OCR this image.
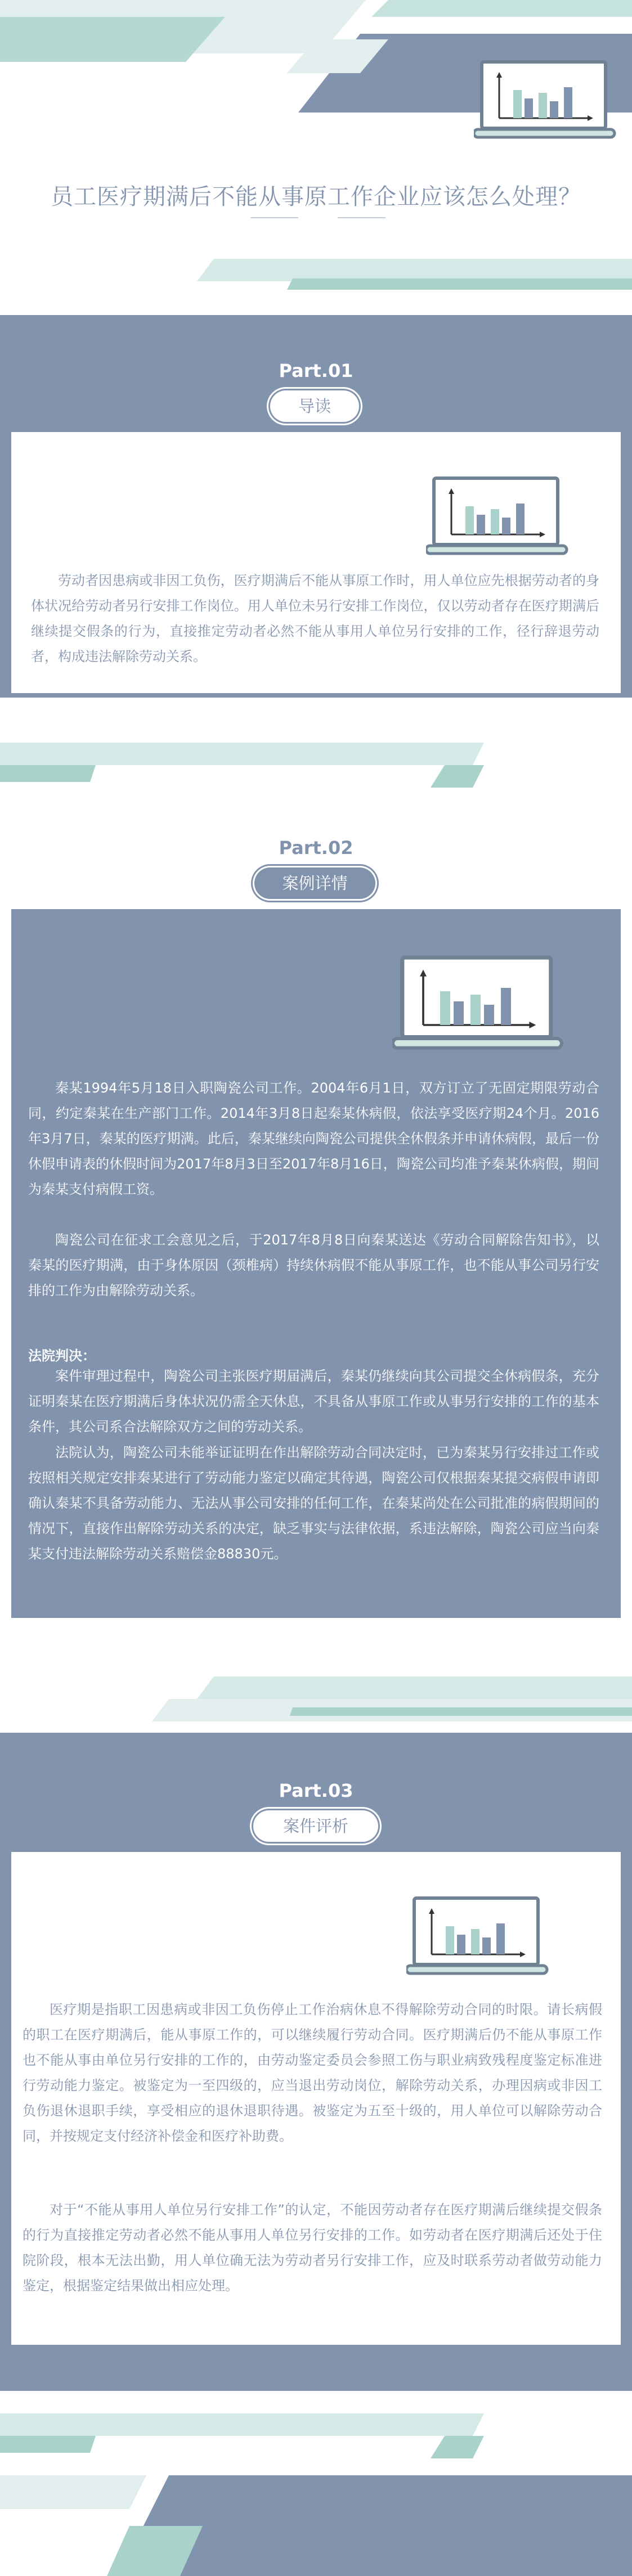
员工医疗期满后不能从事原工作企业应该怎么处理？
Part.01
导读

劳动者因患病或非因工负伤，医疗期满后不能从事原工作时，用人单位应先根据劳动者的身体状况给劳动者另行安排工作岗位。用人单位未另行安排工作岗位，仅以劳动者存在医疗期满后继续提交假条的行为，直接推定劳动者必然不能从事用人单位另行安排的工作，径行辞退劳动者，构成违法解除劳动关系。

Part.02
案例详情

秦某1994年5月18日入职陶瓷公司工作。2004年6月1日，双方订立了无固定期限劳动合同，约定秦某在生产部门工作。2014年3月8日起秦某休病假，依法享受医疗期24个月。2016年3月7日，秦某的医疗期满。此后，秦某继续向陶瓷公司提供全休假条并申请休病假，最后一份休假申请表的休假时间为2017年8月3日至2017年8月16日，陶瓷公司均准予秦某休病假，期间为秦某支付病假工资。

陶瓷公司在征求工会意见之后，于2017年8月8日向秦某送达《劳动合同解除告知书》，以秦某的医疗期满，由于身体原因（颈椎病）持续休病假不能从事原工作，也不能从事公司另行安排的工作为由解除劳动关系。

法院判决：

案件审理过程中，陶瓷公司主张医疗期届满后，秦某仍继续向其公司提交全休病假条，充分证明秦某在医疗期满后身体状况仍需全天休息，不具备从事原工作或从事另行安排的工作的基本条件，其公司系合法解除双方之间的劳动关系。

法院认为，陶瓷公司未能举证证明在作出解除劳动合同决定时，已为秦某另行安排过工作或按照相关规定安排秦某进行了劳动能力鉴定以确定其待遇，陶瓷公司仅根据秦某提交病假申请即确认秦某不具备劳动能力、无法从事公司安排的任何工作，在秦某尚处在公司批准的病假期间的情况下，直接作出解除劳动关系的决定，缺乏事实与法律依据，系违法解除，陶瓷公司应当向秦某支付违法解除劳动关系赔偿金88830元。

Part.03
案件评析

医疗期是指职工因患病或非因工负伤停止工作治病休息不得解除劳动合同的时限。请长病假的职工在医疗期满后，能从事原工作的，可以继续履行劳动合同。医疗期满后仍不能从事原工作也不能从事由单位另行安排的工作的，由劳动鉴定委员会参照工伤与职业病致残程度鉴定标准进行劳动能力鉴定。被鉴定为一至四级的，应当退出劳动岗位，解除劳动关系，办理因病或非因工负伤退休退职手续，享受相应的退休退职待遇。被鉴定为五至十级的，用人单位可以解除劳动合同，并按规定支付经济补偿金和医疗补助费。

对于“不能从事用人单位另行安排工作”的认定，不能因劳动者存在医疗期满后继续提交假条的行为直接推定劳动者必然不能从事用人单位另行安排的工作。如劳动者在医疗期满后还处于住院阶段，根本无法出勤，用人单位确无法为劳动者另行安排工作，应及时联系劳动者做劳动能力鉴定，根据鉴定结果做出相应处理。
